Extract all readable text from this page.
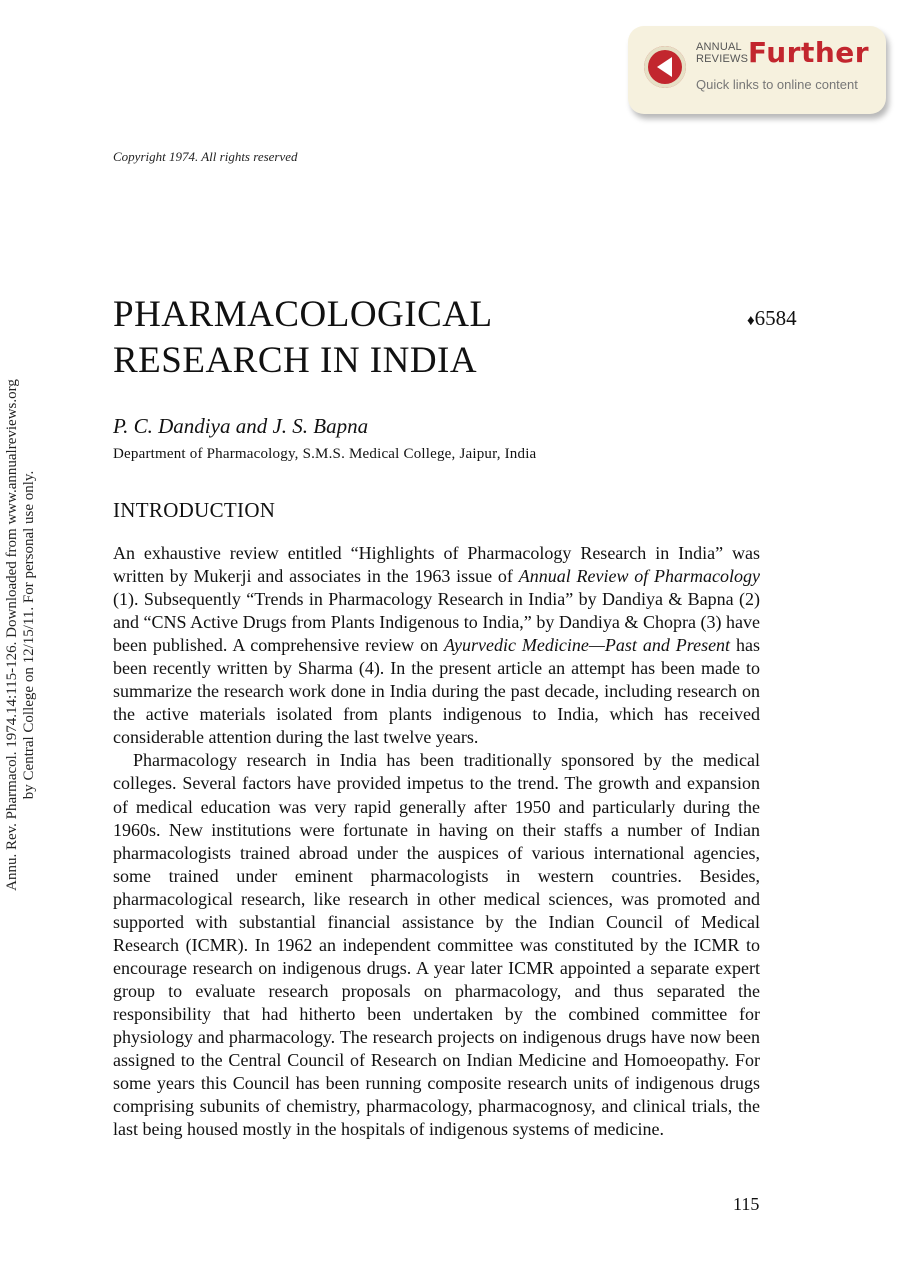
ANNUAL
REVIEWS Further
Quick links to online content
Annu. Rev. Pharmacol. 1974.14:115-126. Downloaded from www.annualreviews.org by Central College on 12/15/11. For personal use only.
Copyright 1974. All rights reserved
PHARMACOLOGICAL
RESEARCH IN INDIA
♦6584
P. C. Dandiya and J. S. Bapna
Department of Pharmacology, S.M.S. Medical College, Jaipur, India
INTRODUCTION

An exhaustive review entitled “Highlights of Pharmacology Research in India” was written by Mukerji and associates in the 1963 issue of Annual Review of Pharmacology (1). Subsequently “Trends in Pharmacology Research in India” by Dandiya & Bapna (2) and “CNS Active Drugs from Plants Indigenous to India,” by Dandiya & Chopra (3) have been published. A comprehensive review on Ayurvedic Medicine—Past and Present has been recently written by Sharma (4). In the present article an attempt has been made to summarize the research work done in India during the past decade, including research on the active materials isolated from plants indigenous to India, which has received considerable attention during the last twelve years.

Pharmacology research in India has been traditionally sponsored by the medical colleges. Several factors have provided impetus to the trend. The growth and expansion of medical education was very rapid generally after 1950 and particularly during the 1960s. New institutions were fortunate in having on their staffs a number of Indian pharmacologists trained abroad under the auspices of various international agencies, some trained under eminent pharmacologists in western countries. Besides, pharmacological research, like research in other medical sciences, was promoted and supported with substantial financial assistance by the Indian Council of Medical Research (ICMR). In 1962 an independent committee was constituted by the ICMR to encourage research on indigenous drugs. A year later ICMR appointed a separate expert group to evaluate research proposals on pharmacology, and thus separated the responsibility that had hitherto been undertaken by the combined committee for physiology and pharmacology. The research projects on indigenous drugs have now been assigned to the Central Council of Research on Indian Medicine and Homoeopathy. For some years this Council has been running composite research units of indigenous drugs comprising subunits of chemistry, pharmacology, pharmacognosy, and clinical trials, the last being housed mostly in the hospitals of indigenous systems of medicine.

115
